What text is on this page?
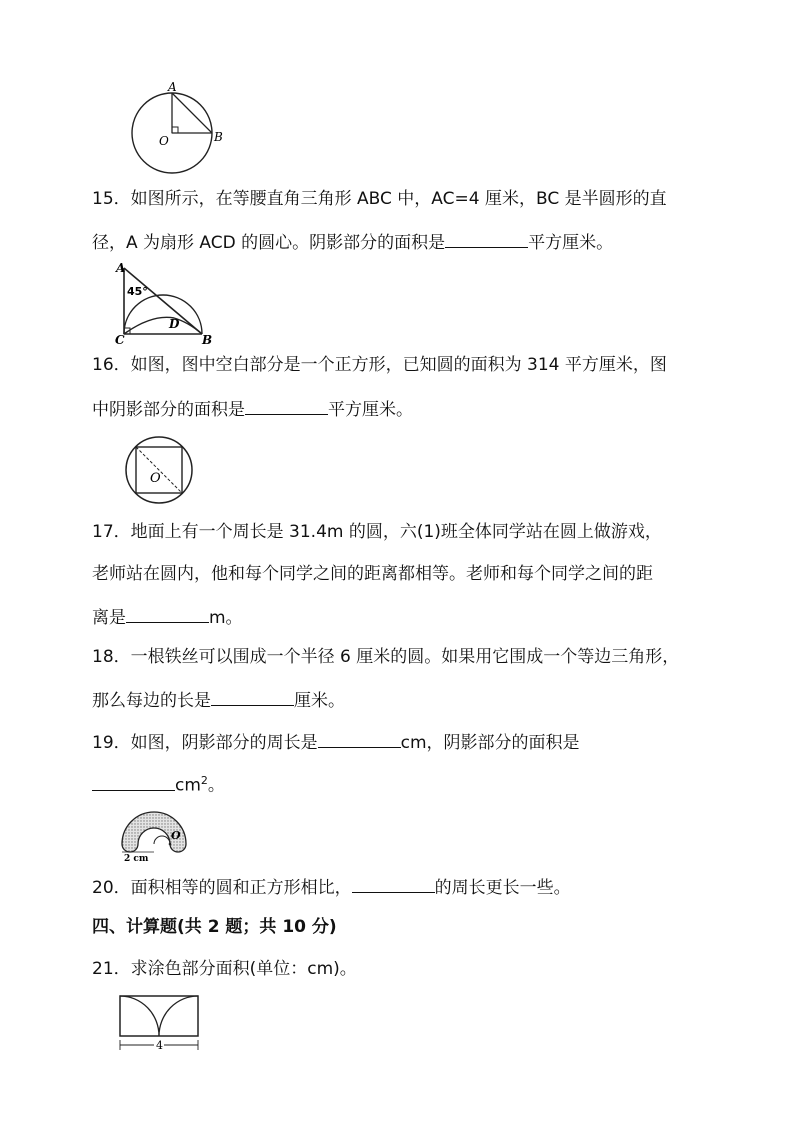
A
O	B
15．如图所示，在等腰直角三角形 ABC 中，AC=4 厘米，BC 是半圆形的直
径，A 为扇形 ACD 的圆心。阴影部分的面积是	平方厘米。
A
45°
C
D
B
16．如图，图中空白部分是一个正方形，已知圆的面积为 314 平方厘米，图
中阴影部分的面积是	平方厘米。
O
17．地面上有一个周长是 31.4m 的圆，六(1)班全体同学站在圆上做游戏，
老师站在圆内，他和每个同学之间的距离都相等。老师和每个同学之间的距
离是	m。
18．一根铁丝可以围成一个半径 6 厘米的圆。如果用它围成一个等边三角形，
那么每边的长是	厘米。
19．如图，阴影部分的周长是	cm，阴影部分的面积是
$cm^2$。
O
2 cm
20．面积相等的圆和正方形相比，	的周长更长一些。
四、计算题(共 2 题；共 10 分)
21．求涂色部分面积(单位：cm)。
4
